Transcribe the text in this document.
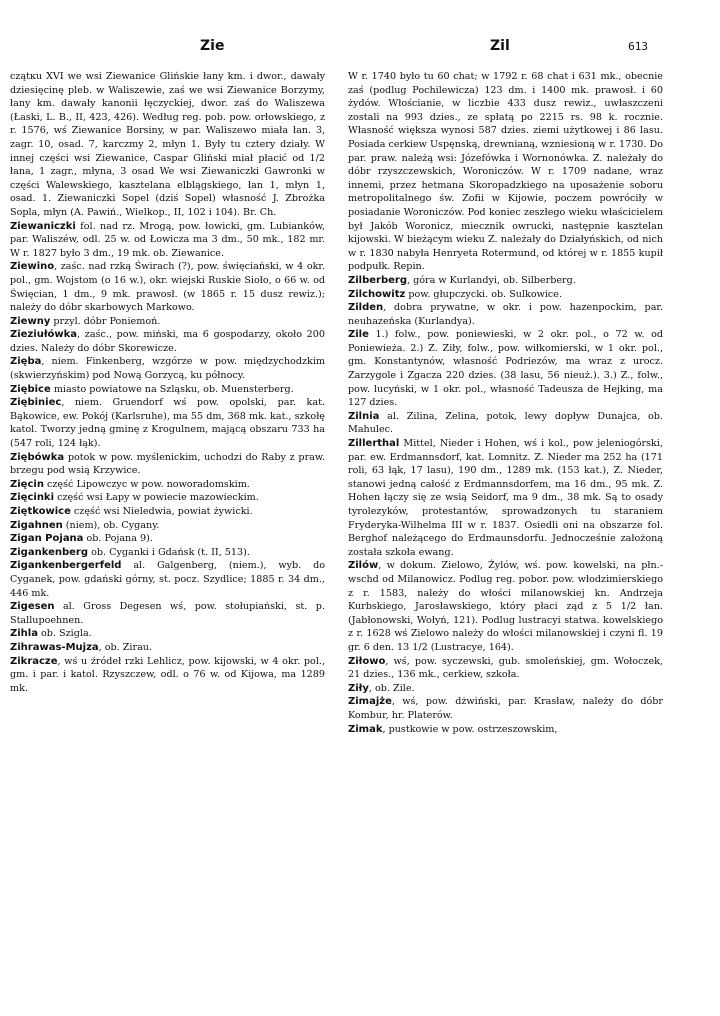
Zie	Zil	613

czątĸu XVI we wsi Ziewanice Glińskie łany km. i dwor., dawały dziesięcinę pleb. w Waliszewie, zaś we wsi Ziewanice Borzymy, łany km. dawały kanonii łęczyckiej, dwor. zaś do Waliszewa (Łaski, L. B., II, 423, 426). Według reg. pob. pow. orłowskiego, z r. 1576, wś Ziewanice Borsiny, w par. Waliszewo miała łan. 3, zagr. 10, osad. 7, karczmy 2, młyn 1. Były tu cztery działy. W innej części wsi Ziewanice, Caspar Gliński miał płacić od 1/2 łana, 1 zagr., młyna, 3 osad We wsi Ziewaniczki Gawronki w części Walewskiego, kasztelana elblągskiego, łan 1, młyn 1, osad. 1. Ziewaniczki Sopel (dziś Sopel) własność J. Zbrożka Sopla, młyn (A. Pawiń., Wielkop., II, 102 i 104). Br. Ch.

Ziewaniczki fol. nad rz. Mrogą, pow. łowicki, gm. Lubianków, par. Waliszéw, odl. 25 w. od Łowicza ma 3 dm., 50 mk., 182 mr. W r. 1827 było 3 dm., 19 mk. ob. Ziewanice.

Ziewino, zaśc. nad rzką Świrach (?), pow. święciański, w 4 okr. pol., gm. Wojstom (o 16 w.), okr. wiejski Ruskie Sioło, o 66 w. od Święcian, 1 dm., 9 mk. prawosł. (w 1865 r. 15 dusz rewiz.); należy do dóbr skarbowych Markowo.

Ziewny przyl. dóbr Poniemoń.

Zieziułówka, zaśc., pow. miński, ma 6 gospodarzy, około 200 dzies. Należy do dóbr Skorewicze.

Zięba, niem. Finkenberg, wzgórze w pow. międzychodzkim (skwierzyńskim) pod Nową Gorzycą, ku północy.

Ziębice miasto powiatowe na Szląsku, ob. Muensterberg.

Ziębiniec, niem. Gruendorf wś pow. opolski, par. kat. Bąkowice, ew. Pokój (Karlsruhe), ma 55 dm, 368 mk. kat., szkołę katol. Tworzy jedną gminę z Krogulnem, mającą obszaru 733 ha (547 roli, 124 łąk).

Ziębówka potok w pow. myślenickim, uchodzi do Raby z praw. brzegu pod wsią Krzywice.

Zięcin część Lipowczyc w pow. noworadomskim.

Zięcinki część wsi Łapy w powiecie mazowieckim.

Ziętkowice część wsi Nieledwia, powiat żywicki.

Zigahnen (niem), ob. Cygany.

Zigan Pojana ob. Pojana 9).

Zigankenberg ob. Cyganki i Gdańsk (t. II, 513).

Zigankenbergerfeld al. Galgenberg, (niem.), wyb. do Cyganek, pow. gdański górny, st. pocz. Szydlice; 1885 r. 34 dm., 446 mk.

Zigesen al. Gross Degesen wś, pow. stołupiański, st. p. Stallupoehnen.

Zihla ob. Szigla.

Zihrawas-Mujza, ob. Zirau.

Zikracze, wś u źródeł rzki Lehlicz, pow. kijowski, w 4 okr. pol., gm. i par. i katol. Rzyszczew, odl. o 76 w. od Kijowa, ma 1289 mk.

W r. 1740 było tu 60 chat; w 1792 r. 68 chat i 631 mk., obecnie zaś (podlug Pochilewicza) 123 dm. i 1400 mk. prawosł. i 60 żydów. Włościanie, w liczbie 433 dusz rewiz., uwłaszczeni zostali na 993 dzies., ze spłatą po 2215 rs. 98 k. rocznie. Własność większa wynosi 587 dzies. ziemi użytkowej i 86 lasu. Posiada cerkiew Uspęnską, drewnianą, wzniesioną w r. 1730. Do par. praw. należą wsi: Józefówka i Wornonówka. Z. należały do dóbr rzyszczewskich, Woroniczów. W r. 1709 nadane, wraz innemi, przez hetmana Skoropadzkiego na uposażenie soboru metropolitalnego św. Zofii w Kijowie, poczem powróciły w posiadanie Woroniczów. Pod koniec zeszłego wieku właścicielem był Jakób Woronicz, miecznik owrucki, następnie kasztelan kijowski. W bieżącym wieku Z. należały do Działyńskich, od nich w r. 1830 nabyła Henryeta Rotermund, od której w r. 1855 kupił podpułk. Repin.

Zilberberg, góra w Kurlandyi, ob. Silberberg.

Zilchowitz pow. głupczycki. ob. Sulkowice.

Zilden, dobra prywatne, w okr. i pow. hazenpockim, par. neuhazeńska (Kurlandya).

Zile 1.) folw., pow. poniewieski, w 2 okr. pol., o 72 w. od Poniewieża. 2.) Z. Ziły, folw., pow. wiłkomierski, w 1 okr. pol., gm. Konstantynów, własność Podriezów, ma wraz z urocz. Zarzygole i Zgacza 220 dzies. (38 lasu, 56 nieuż.). 3.) Z., folw., pow. lucyński, w 1 okr. pol., własność Tadeusza de Hejking, ma 127 dzies.

Zilnia al. Zilina, Zelina, potok, lewy dopływ Dunajca, ob. Mahulec.

Zillerthal Mittel, Nieder i Hohen, wś i kol., pow jeleniogórski, par. ew. Erdmannsdorf, kat. Lomnitz. Z. Nieder ma 252 ha (171 roli, 63 łąk, 17 lasu), 190 dm., 1289 mk. (153 kat.), Z. Nieder, stanowi jedną całość z Erdmannsdorfem, ma 16 dm., 95 mk. Z. Hohen łączy się ze wsią Seidorf, ma 9 dm., 38 mk. Są to osady tyrolezyków, protestantów, sprowadzonych tu staraniem Fryderyka-Wilhelma III w r. 1837. Osiedli oni na obszarze fol. Berghof należącego do Erdmaunsdorfu. Jednocześnie założoną została szkoła ewang.

Zilów, w dokum. Zielowo, Żylów, wś. pow. kowelski, na płn.-wschd od Milanowicz. Podlug reg. pobor. pow. włodzimierskiego z r. 1583, należy do włości milanowskiej kn. Andrzeja Kurbskiego, Jarosławskiego, który płaci ząd z 5 1/2 łan. (Jabłonowski, Wołyń, 121). Podlug lustracyi statwa. kowelskiego z r. 1628 wś Zielowo należy do włości milanowskiej i czyni fl. 19 gr. 6 den. 13 1/2 (Lustracye, 164).

Ziłowo, wś, pow. syczewski, gub. smoleńskiej, gm. Wołoczek, 21 dzies., 136 mk., cerkiew, szkoła.

Ziły, ob. Zile.

Zimajże, wś, pow. dżwiński, par. Krasław, należy do dóbr Kombur, hr. Platerów.

Zimak, pustkowie w pow. ostrzeszowskim,
